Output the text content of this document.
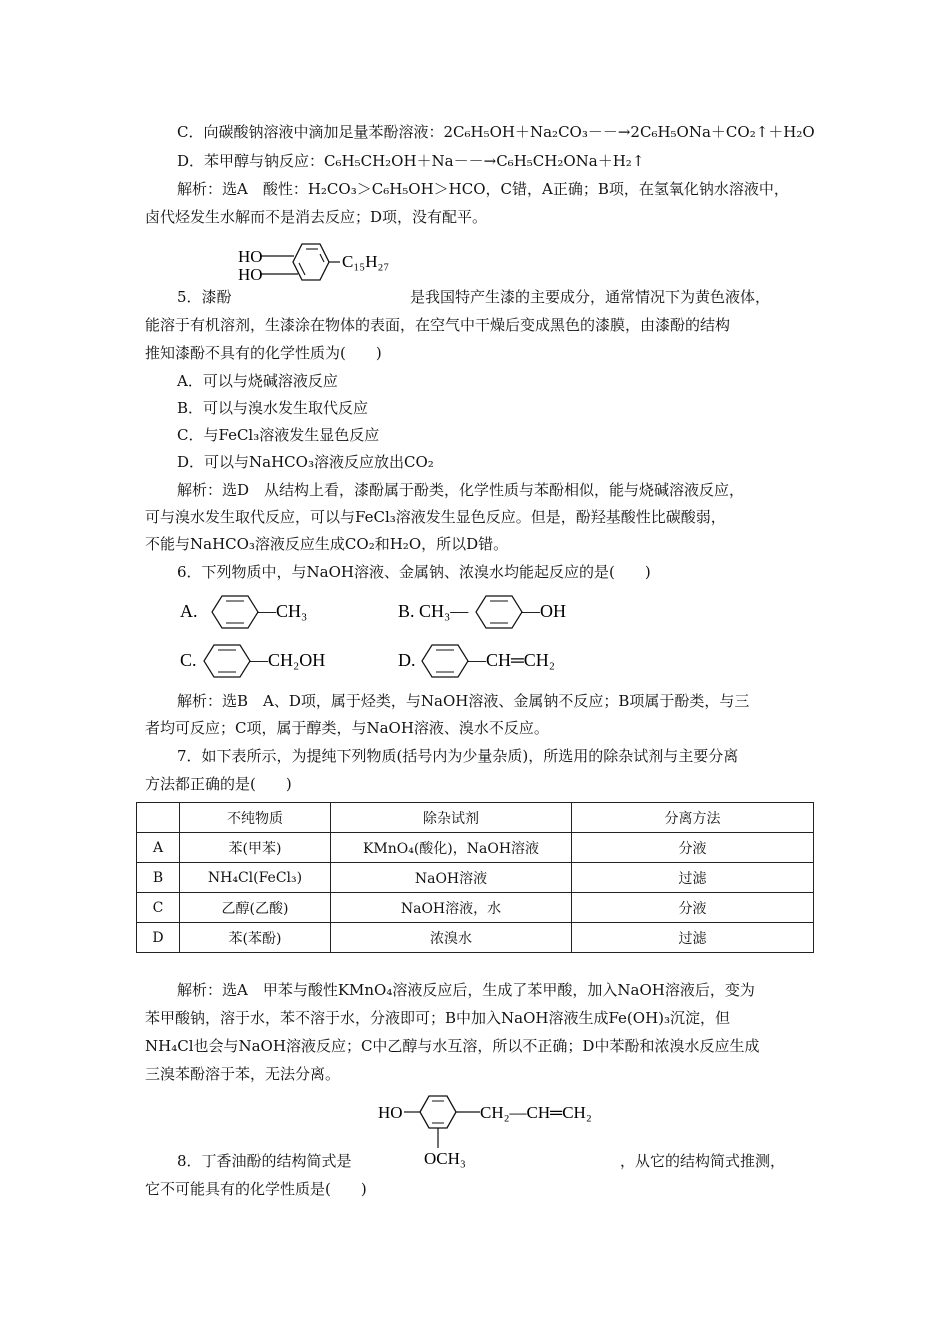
C．向碳酸钠溶液中滴加足量苯酚溶液：2C₆H₅OH＋Na₂CO₃－－→2C₆H₅ONa＋CO₂↑＋H₂O
D．苯甲醇与钠反应：C₆H₅CH₂OH＋Na－－→C₆H₅CH₂ONa＋H₂↑
解析：选A　酸性：H₂CO₃＞C₆H₅OH＞HCO，C错，A正确；B项，在氢氧化钠水溶液中，
卤代烃发生水解而不是消去反应；D项，没有配平。
HO
HO
C₁₅H₂₇
5．漆酚	是我国特产生漆的主要成分，通常情况下为黄色液体，
能溶于有机溶剂，生漆涂在物体的表面，在空气中干燥后变成黑色的漆膜，由漆酚的结构
推知漆酚不具有的化学性质为(　　)
A．可以与烧碱溶液反应
B．可以与溴水发生取代反应
C．与FeCl₃溶液发生显色反应
D．可以与NaHCO₃溶液反应放出CO₂
解析：选D　从结构上看，漆酚属于酚类，化学性质与苯酚相似，能与烧碱溶液反应，
可与溴水发生取代反应，可以与FeCl₃溶液发生显色反应。但是，酚羟基酸性比碳酸弱，
不能与NaHCO₃溶液反应生成CO₂和H₂O，所以D错。
6．下列物质中，与NaOH溶液、金属钠、浓溴水均能起反应的是(　　)
A.	—CH₃	B. CH₃—	—OH
C.	—CH₂OH	D.	—CH═CH₂
解析：选B　A、D项，属于烃类，与NaOH溶液、金属钠不反应；B项属于酚类，与三
者均可反应；C项，属于醇类，与NaOH溶液、溴水不反应。
7．如下表所示，为提纯下列物质(括号内为少量杂质)，所选用的除杂试剂与主要分离
方法都正确的是(　　)
	不纯物质	除杂试剂	分离方法
A	苯(甲苯)	KMnO₄(酸化)，NaOH溶液	分液
B	NH₄Cl(FeCl₃)	NaOH溶液	过滤
C	乙醇(乙酸)	NaOH溶液，水	分液
D	苯(苯酚)	浓溴水	过滤
解析：选A　甲苯与酸性KMnO₄溶液反应后，生成了苯甲酸，加入NaOH溶液后，变为
苯甲酸钠，溶于水，苯不溶于水，分液即可；B中加入NaOH溶液生成Fe(OH)₃沉淀，但
NH₄Cl也会与NaOH溶液反应；C中乙醇与水互溶，所以不正确；D中苯酚和浓溴水反应生成
三溴苯酚溶于苯，无法分离。
HO	CH₂—CH═CH₂
OCH₃
8．丁香油酚的结构简式是	，从它的结构简式推测，
它不可能具有的化学性质是(　　)
